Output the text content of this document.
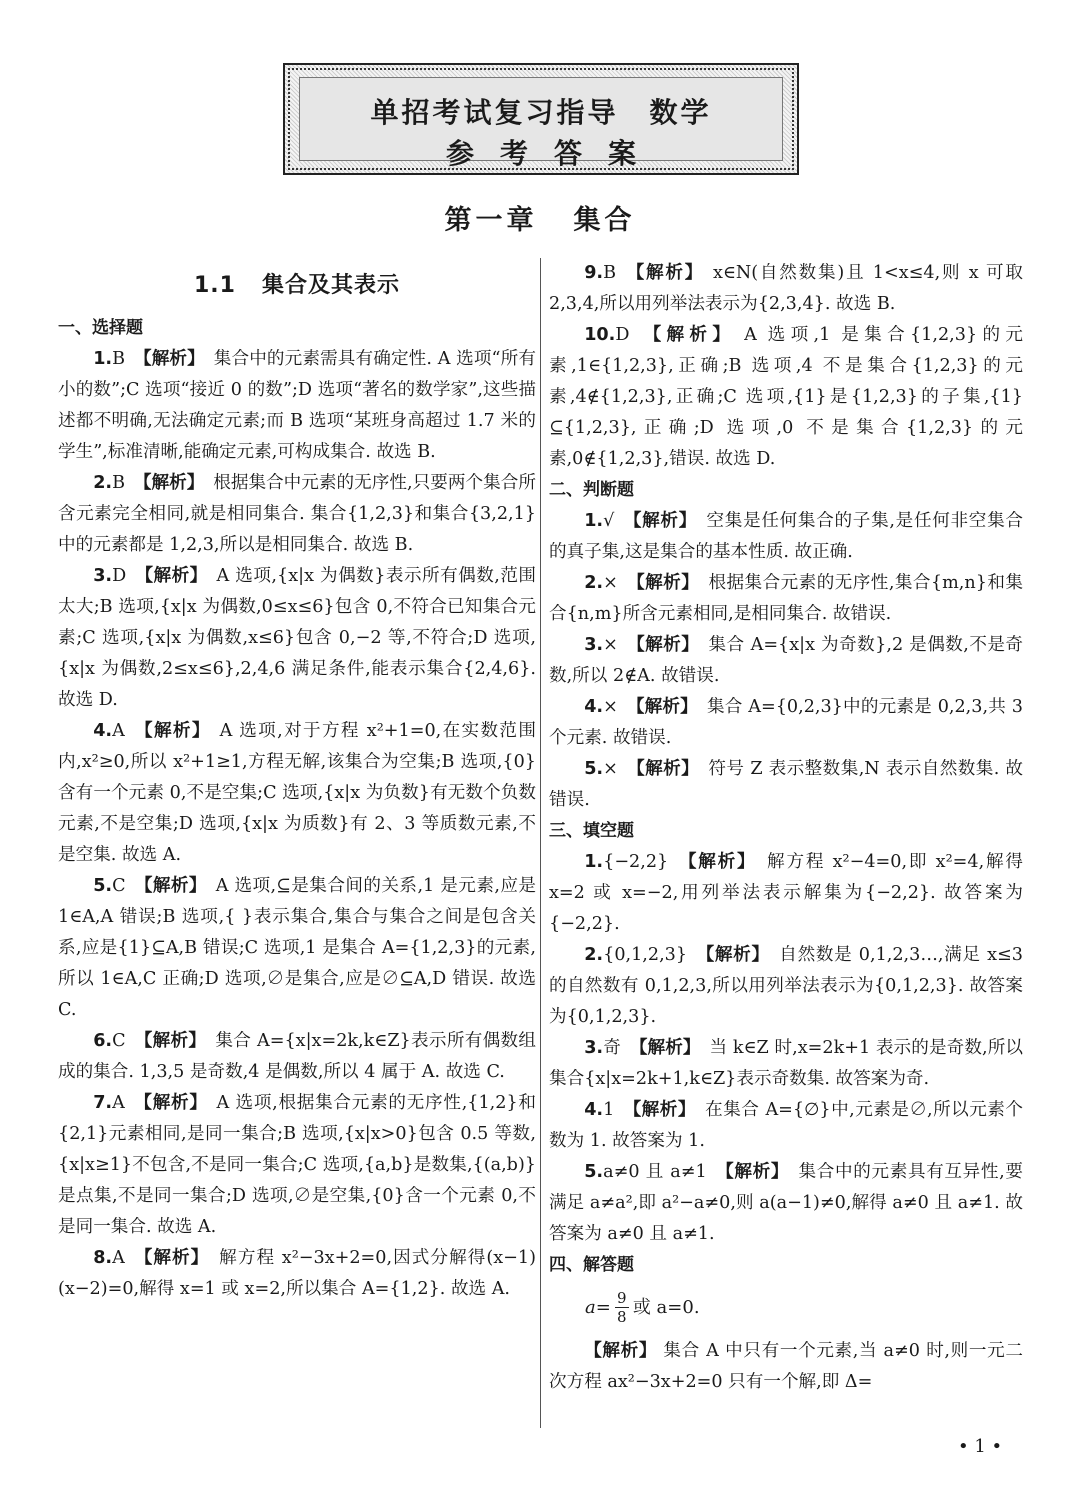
单招考试复习指导　数学
参考答案
第一章 集合
1.1 集合及其表示
一、选择题

1.B  【解析】  集合中的元素需具有确定性. A 选项“所有小的数”;C 选项“接近 0 的数”;D 选项“著名的数学家”,这些描述都不明确,无法确定元素;而 B 选项“某班身高超过 1.7 米的学生”,标准清晰,能确定元素,可构成集合. 故选 B.

2.B  【解析】  根据集合中元素的无序性,只要两个集合所含元素完全相同,就是相同集合. 集合{1,2,3}和集合{3,2,1}中的元素都是 1,2,3,所以是相同集合. 故选 B.

3.D  【解析】  A 选项,{x|x 为偶数}表示所有偶数,范围太大;B 选项,{x|x 为偶数,0≤x≤6}包含 0,不符合已知集合元素;C 选项,{x|x 为偶数,x≤6}包含 0,−2 等,不符合;D 选项,{x|x 为偶数,2≤x≤6},2,4,6 满足条件,能表示集合{2,4,6}. 故选 D.

4.A  【解析】  A 选项,对于方程 x²+1=0,在实数范围内,x²≥0,所以 x²+1≥1,方程无解,该集合为空集;B 选项,{0}含有一个元素 0,不是空集;C 选项,{x|x 为负数}有无数个负数元素,不是空集;D 选项,{x|x 为质数}有 2、3 等质数元素,不是空集. 故选 A.

5.C  【解析】  A 选项,⊆是集合间的关系,1 是元素,应是 1∈A,A 错误;B 选项,{ }表示集合,集合与集合之间是包含关系,应是{1}⊆A,B 错误;C 选项,1 是集合 A={1,2,3}的元素,所以 1∈A,C 正确;D 选项,∅是集合,应是∅⊆A,D 错误. 故选 C.

6.C  【解析】  集合 A={x|x=2k,k∈Z}表示所有偶数组成的集合. 1,3,5 是奇数,4 是偶数,所以 4 属于 A. 故选 C.

7.A  【解析】  A 选项,根据集合元素的无序性,{1,2}和{2,1}元素相同,是同一集合;B 选项,{x|x>0}包含 0.5 等数,{x|x≥1}不包含,不是同一集合;C 选项,{a,b}是数集,{(a,b)}是点集,不是同一集合;D 选项,∅是空集,{0}含一个元素 0,不是同一集合. 故选 A.

8.A  【解析】  解方程 x²−3x+2=0,因式分解得(x−1)(x−2)=0,解得 x=1 或 x=2,所以集合 A={1,2}. 故选 A.

9.B  【解析】  x∈N(自然数集)且 1<x≤4,则 x 可取 2,3,4,所以用列举法表示为{2,3,4}. 故选 B.

10.D  【解析】  A 选项,1 是集合{1,2,3}的元素,1∈{1,2,3},正确;B 选项,4 不是集合{1,2,3}的元素,4∉{1,2,3},正确;C 选项,{1}是{1,2,3}的子集,{1}⊆{1,2,3},正确;D 选项,0 不是集合{1,2,3}的元素,0∉{1,2,3},错误. 故选 D.

二、判断题

1.√  【解析】  空集是任何集合的子集,是任何非空集合的真子集,这是集合的基本性质. 故正确.

2.×  【解析】  根据集合元素的无序性,集合{m,n}和集合{n,m}所含元素相同,是相同集合. 故错误.

3.×  【解析】  集合 A={x|x 为奇数},2 是偶数,不是奇数,所以 2∉A. 故错误.

4.×  【解析】  集合 A={0,2,3}中的元素是 0,2,3,共 3 个元素. 故错误.

5.×  【解析】  符号 Z 表示整数集,N 表示自然数集. 故错误.

三、填空题

1.{−2,2}  【解析】  解方程 x²−4=0,即 x²=4,解得 x=2 或 x=−2,用列举法表示解集为{−2,2}. 故答案为{−2,2}.

2.{0,1,2,3}  【解析】  自然数是 0,1,2,3…,满足 x≤3 的自然数有 0,1,2,3,所以用列举法表示为{0,1,2,3}. 故答案为{0,1,2,3}.

3.奇  【解析】  当 k∈Z 时,x=2k+1 表示的是奇数,所以集合{x|x=2k+1,k∈Z}表示奇数集. 故答案为奇.

4.1  【解析】  在集合 A={∅}中,元素是∅,所以元素个数为 1. 故答案为 1.

5.a≠0 且 a≠1  【解析】  集合中的元素具有互异性,要满足 a≠a²,即 a²−a≠0,则 a(a−1)≠0,解得 a≠0 且 a≠1. 故答案为 a≠0 且 a≠1.

四、解答题
$a= \frac{9}{8}$ 或 a=0.

【解析】 集合 A 中只有一个元素,当 a≠0 时,则一元二次方程 ax²−3x+2=0 只有一个解,即 Δ=

• 1 •
